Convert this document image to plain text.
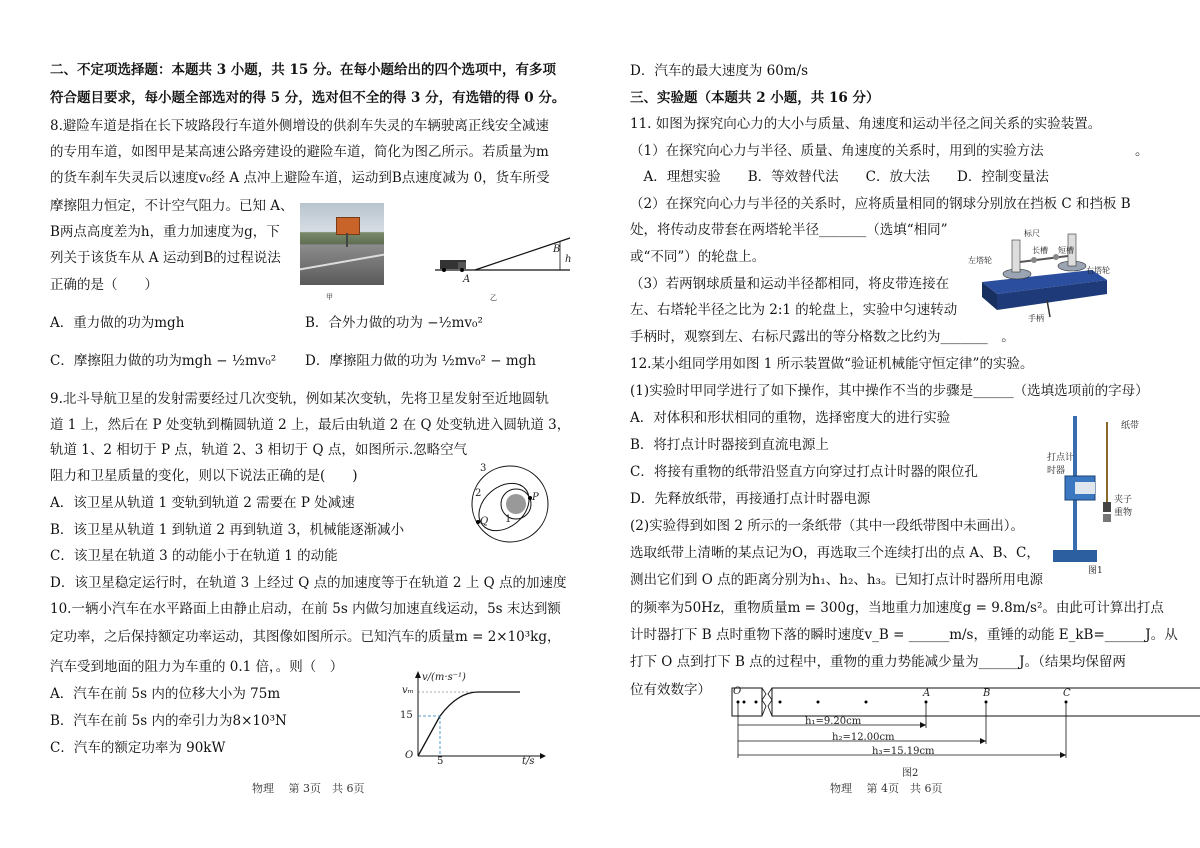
二、不定项选择题：本题共 3 小题，共 15 分。在每小题给出的四个选项中，有多项
符合题目要求，每小题全部选对的得 5 分，选对但不全的得 3 分，有选错的得 0 分。
8.避险车道是指在长下坡路段行车道外侧增设的供刹车失灵的车辆驶离正线安全减速
的专用车道，如图甲是某高速公路旁建设的避险车道，简化为图乙所示。若质量为m
的货车刹车失灵后以速度v₀经 A 点冲上避险车道，运动到B点速度减为 0，货车所受
摩擦阻力恒定，不计空气阻力。已知 A、
B两点高度差为h，重力加速度为g，下
列关于该货车从 A 运动到B的过程说法
正确的是（　　）
甲
A
B
h
乙
A．重力做的功为mgh	B．合外力做的功为 −½mv₀²
C．摩擦阻力做的功为mgh − ½mv₀² D．摩擦阻力做的功为 ½mv₀² − mgh
9.北斗导航卫星的发射需要经过几次变轨，例如某次变轨，先将卫星发射至近地圆轨
道 1 上，然后在 P 处变轨到椭圆轨道 2 上，最后由轨道 2 在 Q 处变轨进入圆轨道 3，
轨道 1、2 相切于 P 点，轨道 2、3 相切于 Q 点，如图所示.忽略空气
阻力和卫星质量的变化，则以下说法正确的是(　　)
A．该卫星从轨道 1 变轨到轨道 2 需要在 P 处减速
B．该卫星从轨道 1 到轨道 2 再到轨道 3，机械能逐渐减小
C．该卫星在轨道 3 的动能小于在轨道 1 的动能
D．该卫星稳定运行时，在轨道 3 上经过 Q 点的加速度等于在轨道 2 上 Q 点的加速度
3
2
1
P
Q
10.一辆小汽车在水平路面上由静止启动，在前 5s 内做匀加速直线运动，5s 末达到额
定功率，之后保持额定功率运动，其图像如图所示。已知汽车的质量m = 2×10³kg，
汽车受到地面的阻力为车重的 0.1 倍，。则（　）
A．汽车在前 5s 内的位移大小为 75m
B．汽车在前 5s 内的牵引力为8×10³N
C．汽车的额定功率为 90kW
v/(m·s⁻¹)
vₘ
15
O
5	t/s
物理　 第 3页　共 6页
D．汽车的最大速度为 60m/s
三、实验题（本题共 2 小题，共 16 分）
11. 如图为探究向心力的大小与质量、角速度和运动半径之间关系的实验装置。
（1）在探究向心力与半径、质量、角速度的关系时，用到的实验方法	。
　A．理想实验　　B．等效替代法　　C．放大法　　D．控制变量法
（2）在探究向心力与半径的关系时，应将质量相同的钢球分别放在挡板 C 和挡板 B
处，将传动皮带套在两塔轮半径_______（选填“相同”
或“不同”）的轮盘上。
（3）若两钢球质量和运动半径都相同，将皮带连接在
左、右塔轮半径之比为 2:1 的轮盘上，实验中匀速转动
手柄时，观察到左、右标尺露出的等分格数之比约为_______　。
标尺
长槽 短槽
左塔轮
右塔轮
手柄
12.某小组同学用如图 1 所示装置做“验证机械能守恒定律”的实验。
(1)实验时甲同学进行了如下操作，其中操作不当的步骤是______（选填选项前的字母）
A．对体积和形状相同的重物，选择密度大的进行实验
B．将打点计时器接到直流电源上
C．将接有重物的纸带沿竖直方向穿过打点计时器的限位孔
D．先释放纸带，再接通打点计时器电源
(2)实验得到如图 2 所示的一条纸带（其中一段纸带图中未画出）。
选取纸带上清晰的某点记为O，再选取三个连续打出的点 A、B、C，
测出它们到 O 点的距离分别为h₁、h₂、h₃。已知打点计时器所用电源
的频率为50Hz，重物质量m = 300g，当地重力加速度g = 9.8m/s²。由此可计算出打点
计时器打下 B 点时重物下落的瞬时速度v_B = ______m/s，重锤的动能 E_kB=______J。从
打下 O 点到打下 B 点的过程中，重物的重力势能减少量为______J。（结果均保留两
位有效数字）
纸带
打点计
时器
夹子
重物
图1
O	A	B	C
h₁=9.20cm
h₂=12.00cm
h₃=15.19cm
图2
物理　 第 4页　共 6页
